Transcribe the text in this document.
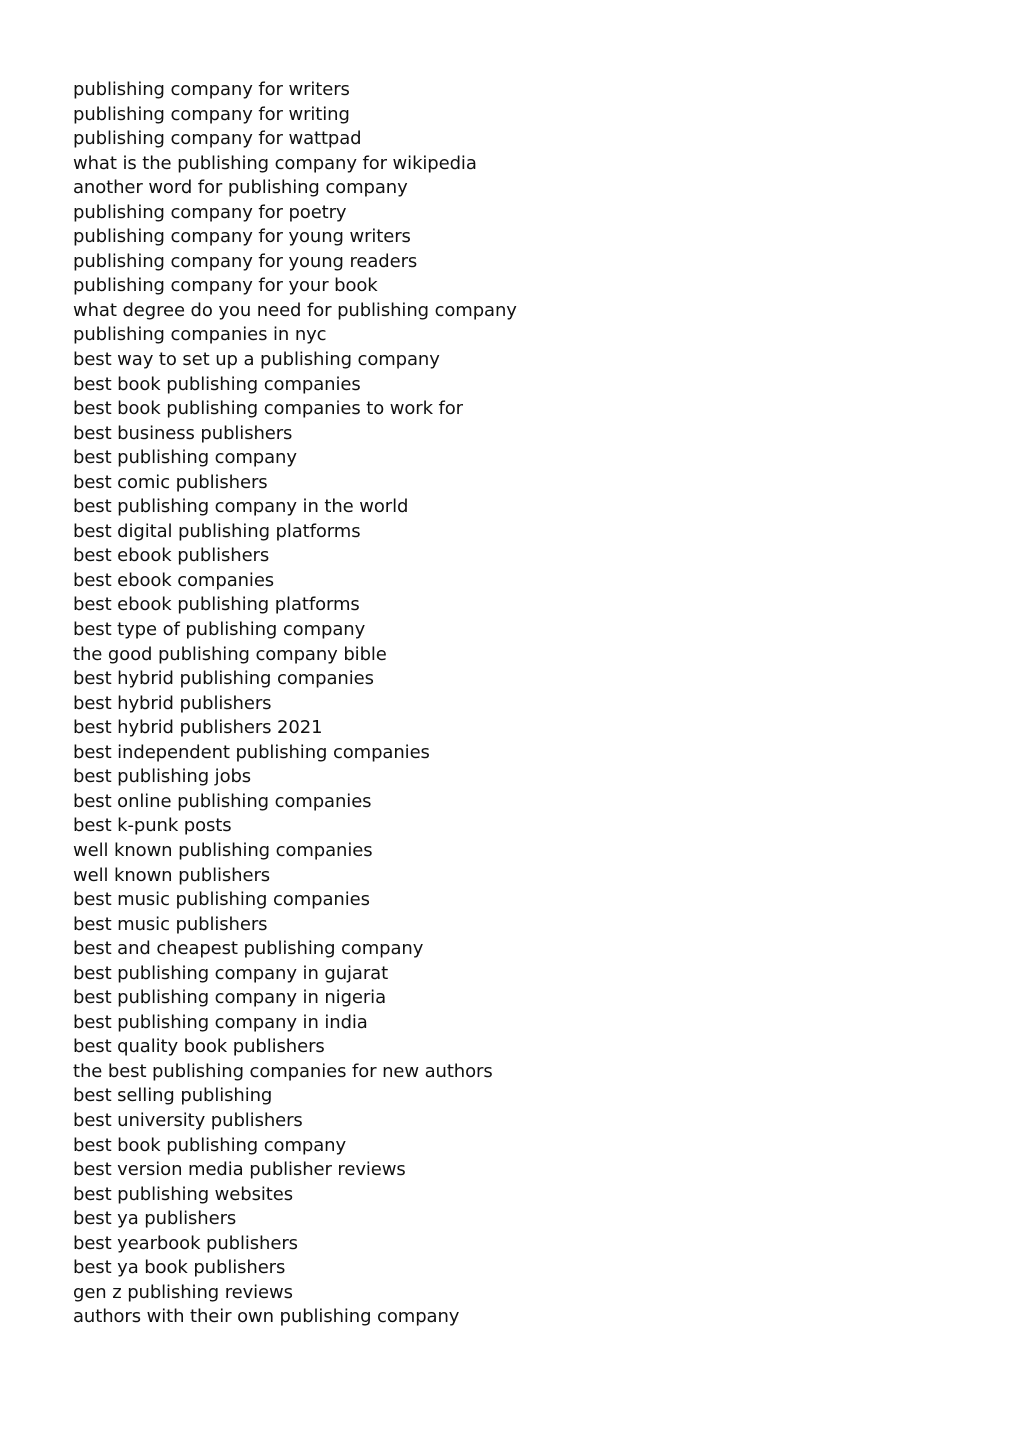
publishing company for writers
publishing company for writing
publishing company for wattpad
what is the publishing company for wikipedia
another word for publishing company
publishing company for poetry
publishing company for young writers
publishing company for young readers
publishing company for your book
what degree do you need for publishing company
publishing companies in nyc
best way to set up a publishing company
best book publishing companies
best book publishing companies to work for
best business publishers
best publishing company
best comic publishers
best publishing company in the world
best digital publishing platforms
best ebook publishers
best ebook companies
best ebook publishing platforms
best type of publishing company
the good publishing company bible
best hybrid publishing companies
best hybrid publishers
best hybrid publishers 2021
best independent publishing companies
best publishing jobs
best online publishing companies
best k-punk posts
well known publishing companies
well known publishers
best music publishing companies
best music publishers
best and cheapest publishing company
best publishing company in gujarat
best publishing company in nigeria
best publishing company in india
best quality book publishers
the best publishing companies for new authors
best selling publishing
best university publishers
best book publishing company
best version media publisher reviews
best publishing websites
best ya publishers
best yearbook publishers
best ya book publishers
gen z publishing reviews
authors with their own publishing company
